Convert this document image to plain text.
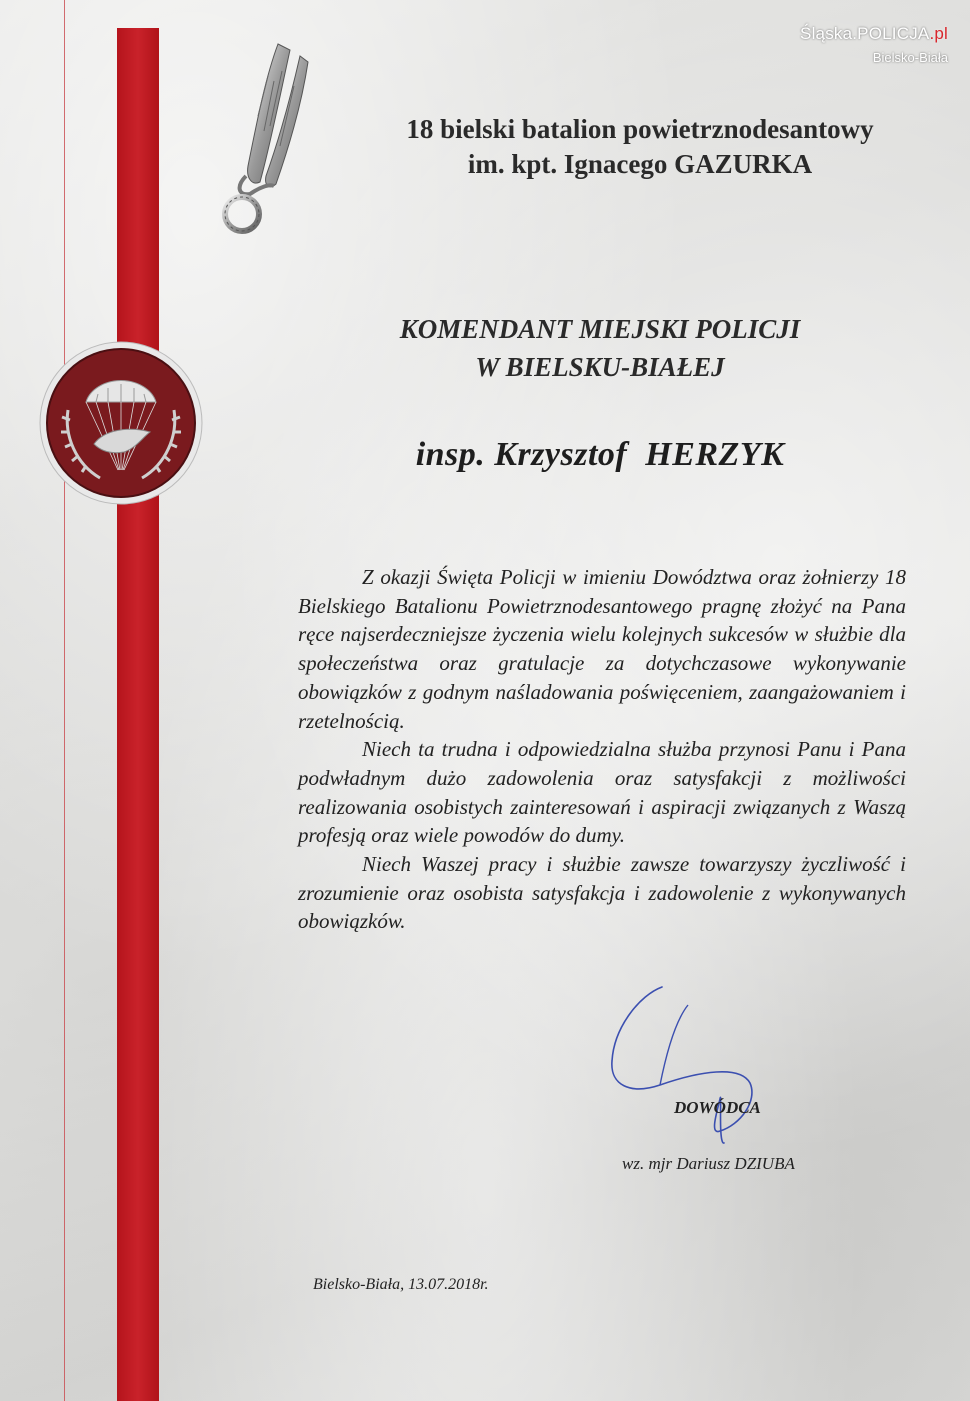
Śląska.POLICJA.pl
Bielsko-Biała
18 bielski batalion powietrznodesantowy
im. kpt. Ignacego GAZURKA
KOMENDANT MIEJSKI POLICJI
W BIELSKU-BIAŁEJ
insp. Krzysztof  HERZYK

Z okazji Święta Policji w imieniu Dowództwa oraz żołnierzy 18 Bielskiego Batalionu Powietrznodesantowego pragnę złożyć na Pana ręce najserdeczniejsze życzenia wielu kolejnych sukcesów w służbie dla społeczeństwa oraz gratulacje za dotychczasowe wykonywanie obowiązków z godnym naśladowania poświęceniem, zaangażowaniem i rzetelnością.

Niech ta trudna i odpowiedzialna służba przynosi Panu i Pana podwładnym dużo zadowolenia oraz satysfakcji z możliwości realizowania osobistych zainteresowań i aspiracji związanych z Waszą profesją oraz wiele powodów do dumy.

Niech Waszej pracy i służbie zawsze towarzyszy życzliwość i zrozumienie oraz osobista satysfakcja i zadowolenie z wykonywanych obowiązków.

DOWÓDCA
wz. mjr Dariusz DZIUBA
Bielsko-Biała, 13.07.2018r.
